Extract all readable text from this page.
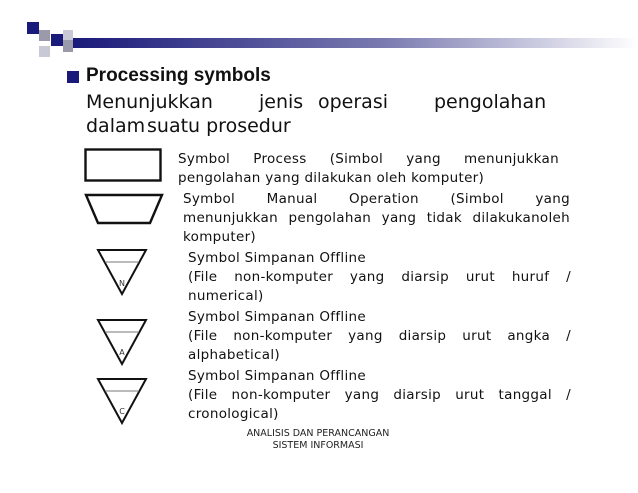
Processing symbols
Menunjukkan jenis operasi pengolahan
dalam suatu prosedur
Symbol Process (Simbol yang menunjukkan
pengolahan yang dilakukan oleh komputer)
Symbol Manual Operation (Simbol yang
menunjukkan pengolahan yang tidak dilakukanoleh
komputer)
N
Symbol Simpanan Offline
(File non-komputer yang diarsip urut huruf /
numerical)
A
Symbol Simpanan Offline
(File non-komputer yang diarsip urut angka /
alphabetical)
C
Symbol Simpanan Offline
(File non-komputer yang diarsip urut tanggal /
cronological)
ANALISIS DAN PERANCANGAN
SISTEM INFORMASI
